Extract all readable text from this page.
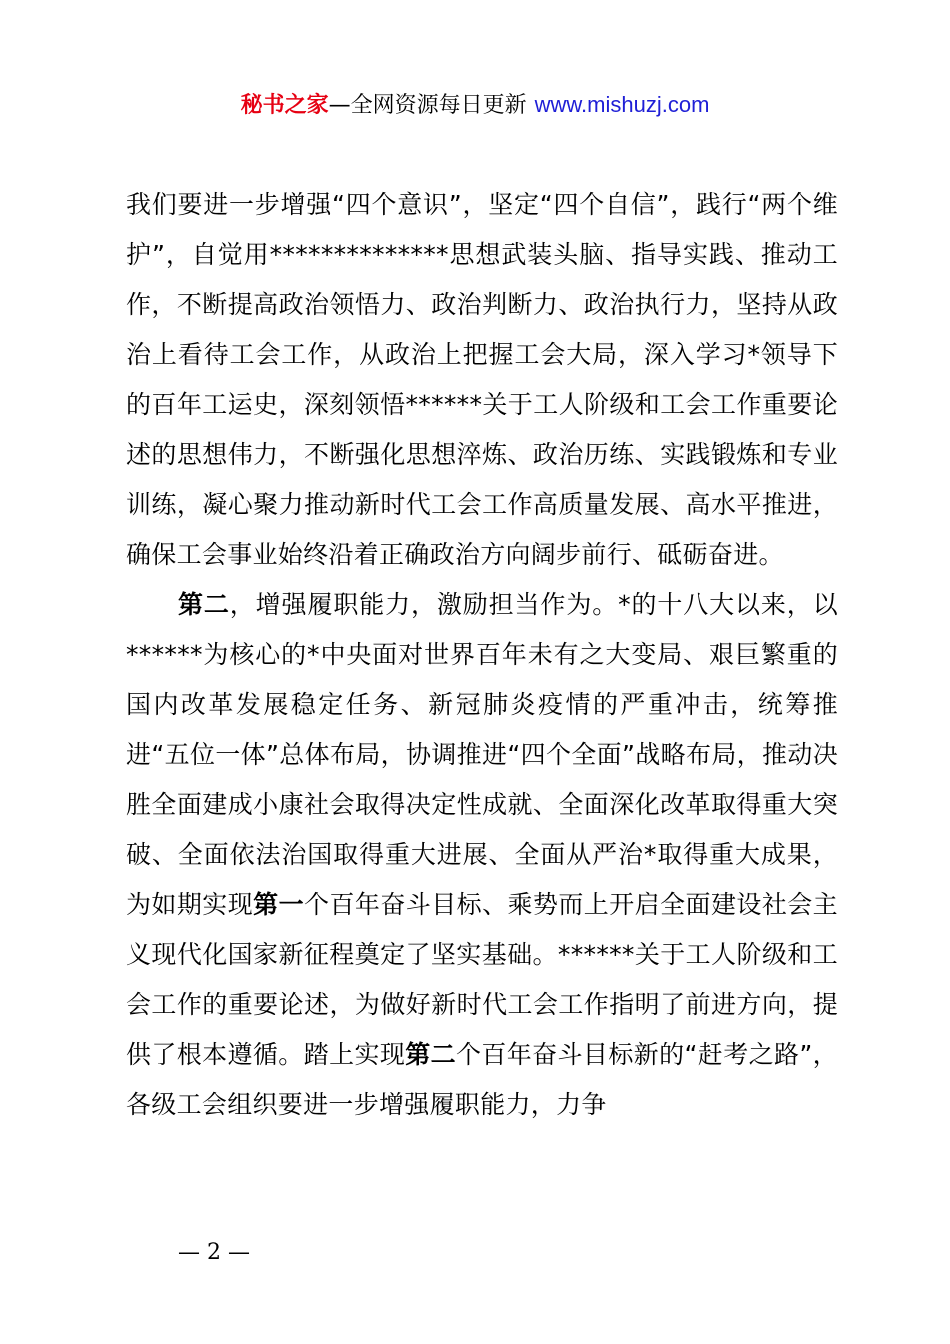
秘书之家—全网资源每日更新 www.mishuzj.com

我们要进一步增强“四个意识”，坚定“四个自信”，践行“两个维护”，自觉用**************思想武装头脑、指导实践、推动工作，不断提高政治领悟力、政治判断力、政治执行力，坚持从政治上看待工会工作，从政治上把握工会大局，深入学习*领导下的百年工运史，深刻领悟******关于工人阶级和工会工作重要论述的思想伟力，不断强化思想淬炼、政治历练、实践锻炼和专业训练，凝心聚力推动新时代工会工作高质量发展、高水平推进，确保工会事业始终沿着正确政治方向阔步前行、砥砺奋进。

第二，增强履职能力，激励担当作为。*的十八大以来，以******为核心的*中央面对世界百年未有之大变局、艰巨繁重的国内改革发展稳定任务、新冠肺炎疫情的严重冲击，统筹推进“五位一体”总体布局，协调推进“四个全面”战略布局，推动决胜全面建成小康社会取得决定性成就、全面深化改革取得重大突破、全面依法治国取得重大进展、全面从严治*取得重大成果，为如期实现第一个百年奋斗目标、乘势而上开启全面建设社会主义现代化国家新征程奠定了坚实基础。******关于工人阶级和工会工作的重要论述，为做好新时代工会工作指明了前进方向，提供了根本遵循。踏上实现第二个百年奋斗目标新的“赶考之路”，各级工会组织要进一步增强履职能力，力争

— 2 —
